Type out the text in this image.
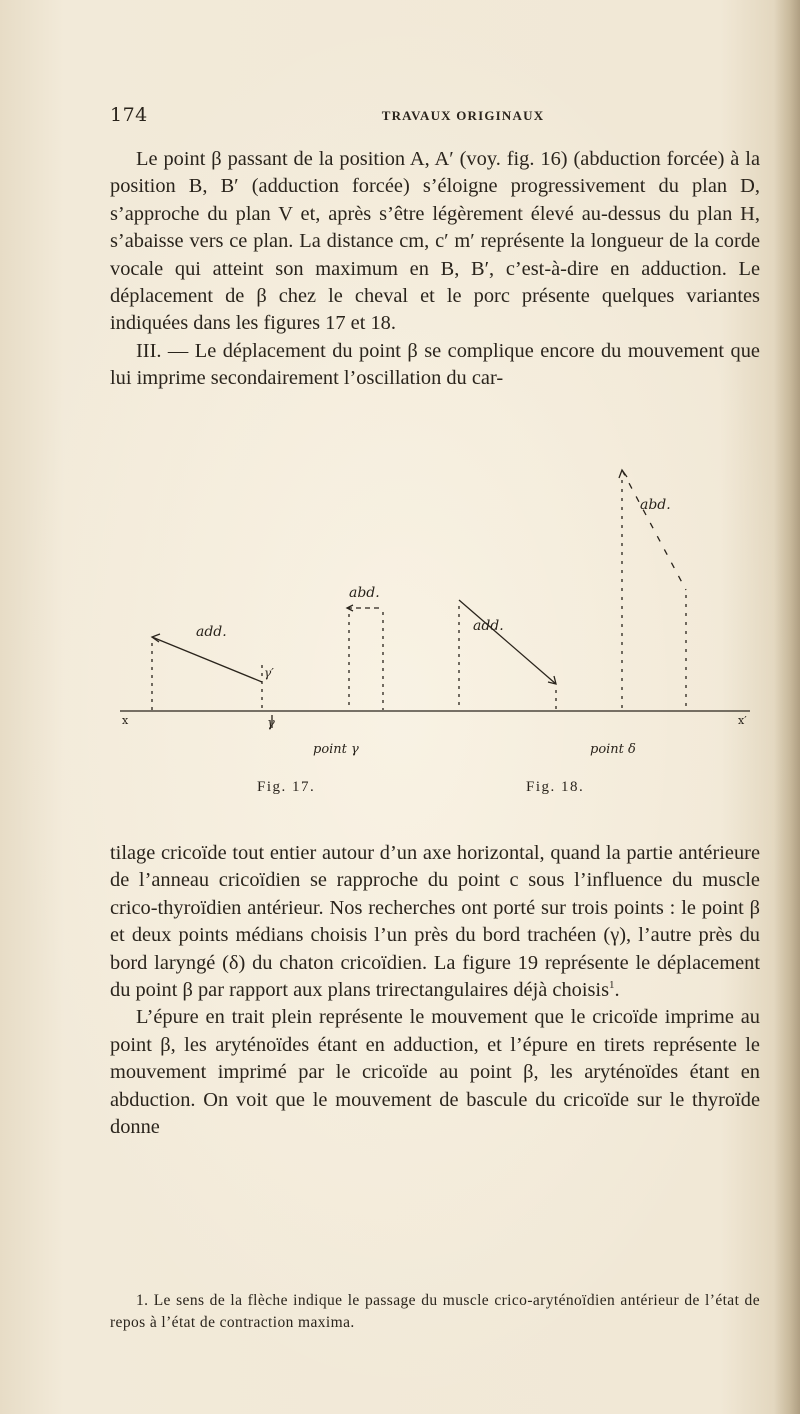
174	TRAVAUX ORIGINAUX

Le point β passant de la position A, A′ (voy. fig. 16) (abduction forcée) à la position B, B′ (adduction forcée) s’éloigne progressivement du plan D, s’approche du plan V et, après s’être légèrement élevé au-dessus du plan H, s’abaisse vers ce plan. La distance cm, c′ m′ représente la longueur de la corde vocale qui atteint son maximum en B, B′, c’est-à-dire en adduction. Le déplacement de β chez le cheval et le porc présente quelques variantes indiquées dans les figures 17 et 18.

III. — Le déplacement du point β se complique encore du mouvement que lui imprime secondairement l’oscillation du car-

add.
γ′
abd.
add.
abd.
x	x′
γ
point γ	point δ
Fig. 17.	Fig. 18.

tilage cricoïde tout entier autour d’un axe horizontal, quand la partie antérieure de l’anneau cricoïdien se rapproche du point c sous l’influence du muscle crico-thyroïdien antérieur. Nos recherches ont porté sur trois points : le point β et deux points médians choisis l’un près du bord trachéen (γ), l’autre près du bord laryngé (δ) du chaton cricoïdien. La figure 19 représente le déplacement du point β par rapport aux plans trirectangulaires déjà choisis$^1$.

L’épure en trait plein représente le mouvement que le cricoïde imprime au point β, les aryténoïdes étant en adduction, et l’épure en tirets représente le mouvement imprimé par le cricoïde au point β, les aryténoïdes étant en abduction. On voit que le mouvement de bascule du cricoïde sur le thyroïde donne

1. Le sens de la flèche indique le passage du muscle crico-aryténoïdien antérieur de l’état de repos à l’état de contraction maxima.
